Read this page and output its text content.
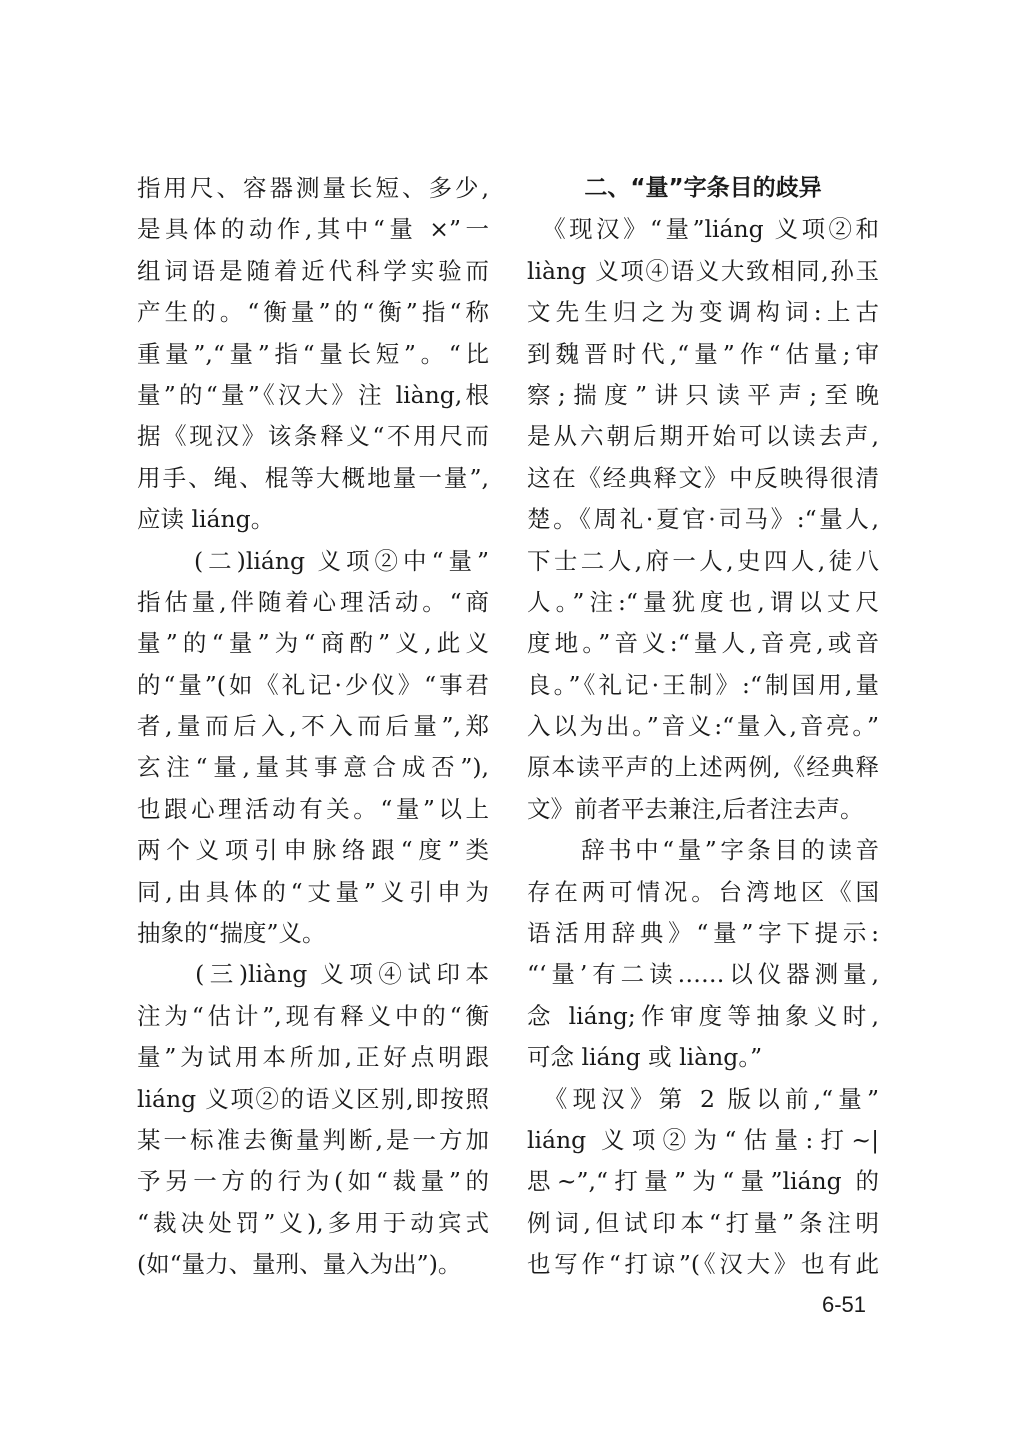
指用尺、容器测量长短、多少,
是具体的动作,其中“量 ×”一
组词语是随着近代科学实验而
产生的。“衡量”的“衡”指“称
重量”,“量”指“量长短”。“比
量”的“量”《汉大》注 liàng,根
据《现汉》该条释义“不用尺而
用手、绳、棍等大概地量一量”,
应读 liáng。
　　(二)liáng 义项②中“量”
指估量,伴随着心理活动。“商
量”的“量”为“商酌”义,此义
的“量”(如《礼记·少仪》“事君
者,量而后入,不入而后量”,郑
玄注“量,量其事意合成否”),
也跟心理活动有关。“量”以上
两个义项引申脉络跟“度”类
同,由具体的“丈量”义引申为
抽象的“揣度”义。
　　(三)liàng 义项④试印本
注为“估计”,现有释义中的“衡
量”为试用本所加,正好点明跟
liáng 义项②的语义区别,即按照
某一标准去衡量判断,是一方加
予另一方的行为(如“裁量”的
“裁决处罚”义),多用于动宾式
(如“量力、量刑、量入为出”)。
二、“量”字条目的歧异
　《现汉》“量”liáng 义项②和
liàng 义项④语义大致相同,孙玉
文先生归之为变调构词:上古
到魏晋时代,“量”作“估量;审
察;揣度”讲只读平声;至晚
是从六朝后期开始可以读去声,
这在《经典释文》中反映得很清
楚。《周礼·夏官·司马》:“量人,
下士二人,府一人,史四人,徒八
人。”注:“量犹度也,谓以丈尺
度地。”音义:“量人,音亮,或音
良。”《礼记·王制》:“制国用,量
入以为出。”音义:“量入,音亮。”
原本读平声的上述两例,《经典释
文》前者平去兼注,后者注去声。
　　辞书中“量”字条目的读音
存在两可情况。台湾地区《国
语活用辞典》“量”字下提示:
“‘量’有二读……以仪器测量,
念 liáng;作审度等抽象义时,
可念 liáng 或 liàng。”
　《现汉》第 2 版以前,“量”
liáng 义项②为“估量:打~|
思~”,“打量”为“量”liáng 的
例词,但试印本“打量”条注明
也写作“打谅”(《汉大》也有此
6-51
